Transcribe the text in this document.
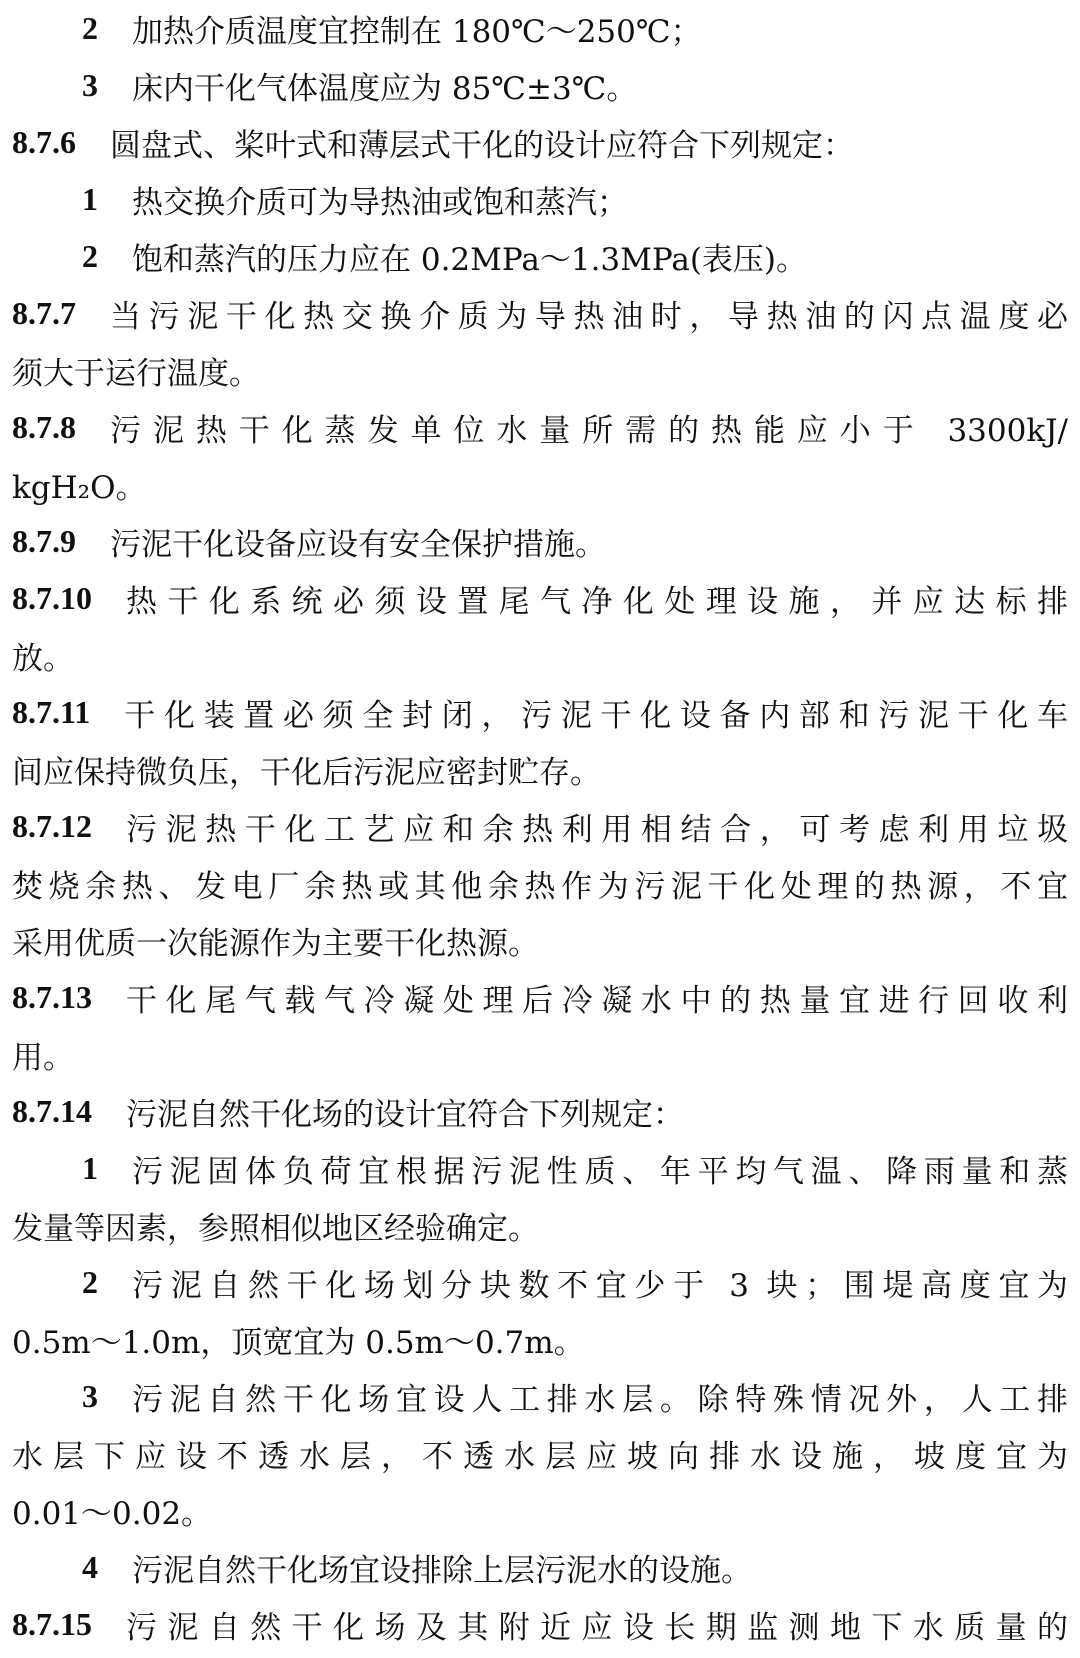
2 加热介质温度宜控制在 180℃～250℃；
3 床内干化气体温度应为 85℃±3℃。
8.7.6 圆盘式、桨叶式和薄层式干化的设计应符合下列规定：
1 热交换介质可为导热油或饱和蒸汽；
2 饱和蒸汽的压力应在 0.2MPa～1.3MPa(表压)。
8.7.7 当污泥干化热交换介质为导热油时，导热油的闪点温度必
须大于运行温度。
8.7.8 污泥热干化蒸发单位水量所需的热能应小于 3300kJ/
kgH₂O。
8.7.9 污泥干化设备应设有安全保护措施。
8.7.10 热干化系统必须设置尾气净化处理设施，并应达标排
放。
8.7.11 干化装置必须全封闭，污泥干化设备内部和污泥干化车
间应保持微负压，干化后污泥应密封贮存。
8.7.12 污泥热干化工艺应和余热利用相结合，可考虑利用垃圾
焚烧余热、发电厂余热或其他余热作为污泥干化处理的热源，不宜
采用优质一次能源作为主要干化热源。
8.7.13 干化尾气载气冷凝处理后冷凝水中的热量宜进行回收利
用。
8.7.14 污泥自然干化场的设计宜符合下列规定：
1 污泥固体负荷宜根据污泥性质、年平均气温、降雨量和蒸
发量等因素，参照相似地区经验确定。
2 污泥自然干化场划分块数不宜少于 3 块；围堤高度宜为
0.5m～1.0m，顶宽宜为 0.5m～0.7m。
3 污泥自然干化场宜设人工排水层。除特殊情况外，人工排
水层下应设不透水层，不透水层应坡向排水设施，坡度宜为
0.01～0.02。
4 污泥自然干化场宜设排除上层污泥水的设施。
8.7.15 污泥自然干化场及其附近应设长期监测地下水质量的
